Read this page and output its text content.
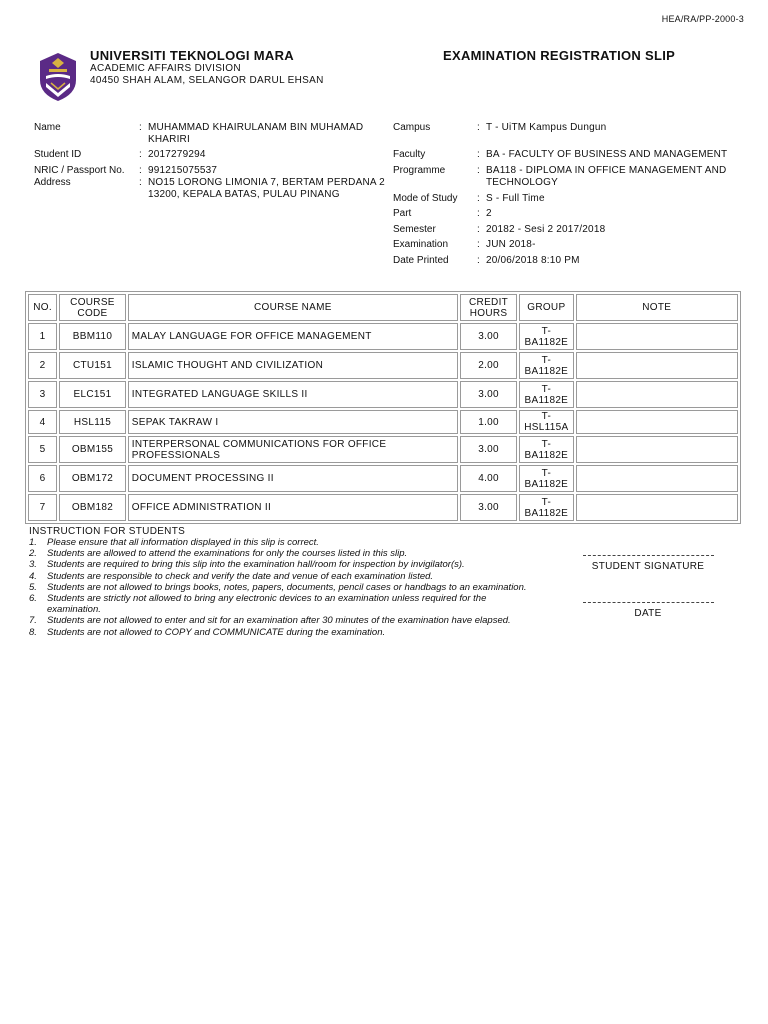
HEA/RA/PP-2000-3
UNIVERSITI TEKNOLOGI MARA
ACADEMIC AFFAIRS DIVISION
40450 SHAH ALAM, SELANGOR DARUL EHSAN
EXAMINATION REGISTRATION SLIP
Name	: MUHAMMAD KHAIRULANAM BIN MUHAMAD KHARIRI
Student ID	: 2017279294
NRIC / Passport No. : 991215075537
Address	: NO15 LORONG LIMONIA 7, BERTAM PERDANA 2 13200, KEPALA BATAS, PULAU PINANG
Campus	: T - UiTM Kampus Dungun
Faculty	: BA - FACULTY OF BUSINESS AND MANAGEMENT
Programme	: BA118 - DIPLOMA IN OFFICE MANAGEMENT AND TECHNOLOGY
Mode of Study : S - Full Time
Part	: 2
Semester	: 20182 - Sesi 2 2017/2018
Examination	: JUN 2018-
Date Printed	: 20/06/2018 8:10 PM
NO.	COURSE CODE	COURSE NAME	CREDIT HOURS	GROUP	NOTE
1	BBM110	MALAY LANGUAGE FOR OFFICE MANAGEMENT	3.00	T-BA1182E	
2	CTU151	ISLAMIC THOUGHT AND CIVILIZATION	2.00	T-BA1182E	
3	ELC151	INTEGRATED LANGUAGE SKILLS II	3.00	T-BA1182E	
4	HSL115	SEPAK TAKRAW I	1.00	T-HSL115A	
5	OBM155	INTERPERSONAL COMMUNICATIONS FOR OFFICE PROFESSIONALS	3.00	T-BA1182E	
6	OBM172	DOCUMENT PROCESSING II	4.00	T-BA1182E	
7	OBM182	OFFICE ADMINISTRATION II	3.00	T-BA1182E	
INSTRUCTION FOR STUDENTS
1.	Please ensure that all information displayed in this slip is correct.
2.	Students are allowed to attend the examinations for only the courses listed in this slip.
3.	Students are required to bring this slip into the examination hall/room for inspection by invigilator(s).
4.	Students are responsible to check and verify the date and venue of each examination listed.
5.	Students are not allowed to brings books, notes, papers, documents, pencil cases or handbags to an examination.
6.	Students are strictly not allowed to bring any electronic devices to an examination unless required for the examination.
7.	Students are not allowed to enter and sit for an examination after 30 minutes of the examination have elapsed.
8.	Students are not allowed to COPY and COMMUNICATE during the examination.
STUDENT SIGNATURE
DATE
